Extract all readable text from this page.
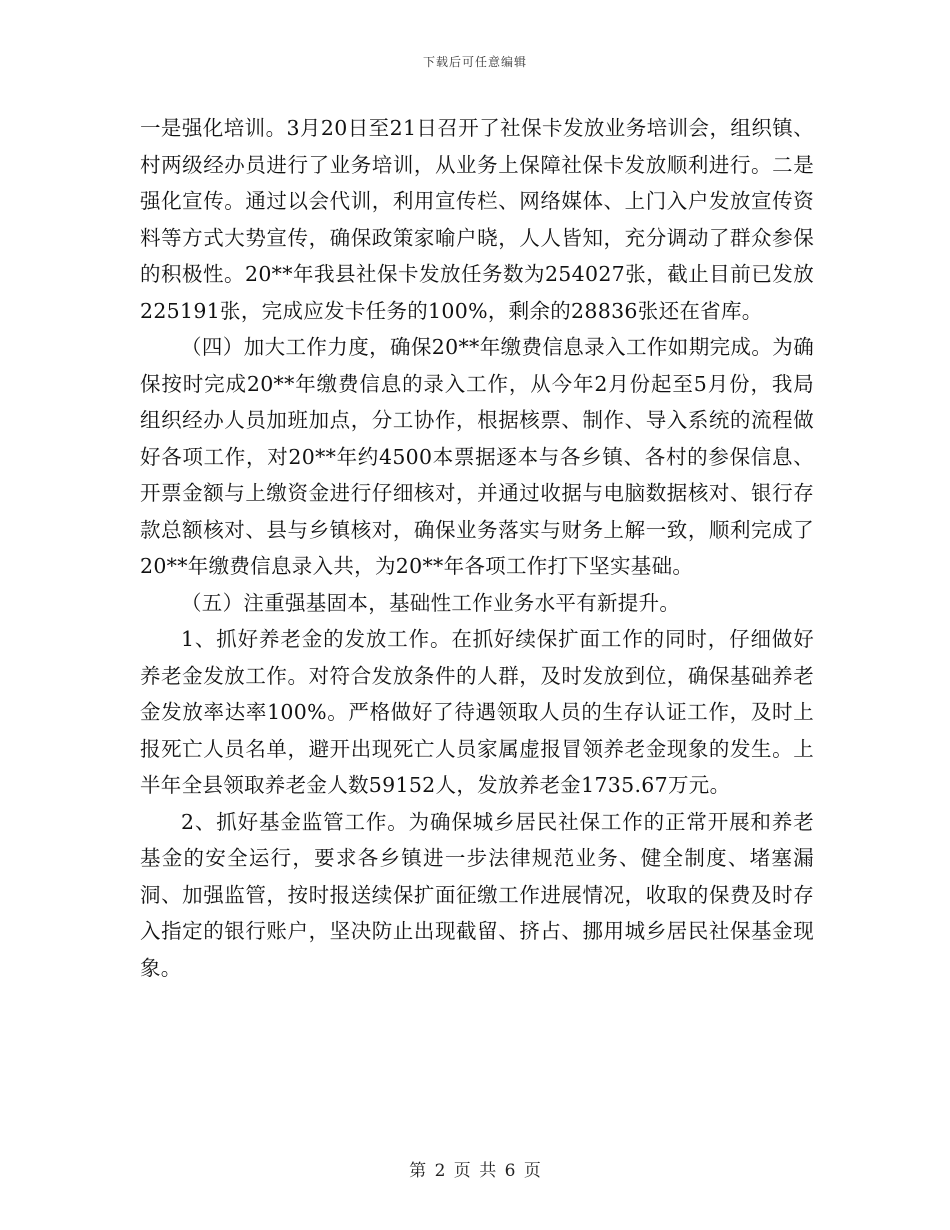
下载后可任意编辑

一是强化培训。3月20日至21日召开了社保卡发放业务培训会，组织镇、村两级经办员进行了业务培训，从业务上保障社保卡发放顺利进行。二是强化宣传。通过以会代训，利用宣传栏、网络媒体、上门入户发放宣传资料等方式大势宣传，确保政策家喻户晓，人人皆知，充分调动了群众参保的积极性。20**年我县社保卡发放任务数为254027张，截止目前已发放225191张，完成应发卡任务的100%，剩余的28836张还在省库。

（四）加大工作力度，确保20**年缴费信息录入工作如期完成。为确保按时完成20**年缴费信息的录入工作，从今年2月份起至5月份，我局组织经办人员加班加点，分工协作，根据核票、制作、导入系统的流程做好各项工作，对20**年约4500本票据逐本与各乡镇、各村的参保信息、开票金额与上缴资金进行仔细核对，并通过收据与电脑数据核对、银行存款总额核对、县与乡镇核对，确保业务落实与财务上解一致，顺利完成了20**年缴费信息录入共，为20**年各项工作打下坚实基础。

（五）注重强基固本，基础性工作业务水平有新提升。

1、抓好养老金的发放工作。在抓好续保扩面工作的同时，仔细做好养老金发放工作。对符合发放条件的人群，及时发放到位，确保基础养老金发放率达率100%。严格做好了待遇领取人员的生存认证工作，及时上报死亡人员名单，避开出现死亡人员家属虚报冒领养老金现象的发生。上半年全县领取养老金人数59152人，发放养老金1735.67万元。

2、抓好基金监管工作。为确保城乡居民社保工作的正常开展和养老基金的安全运行，要求各乡镇进一步法律规范业务、健全制度、堵塞漏洞、加强监管，按时报送续保扩面征缴工作进展情况，收取的保费及时存入指定的银行账户，坚决防止出现截留、挤占、挪用城乡居民社保基金现象。

第 2 页 共 6 页
